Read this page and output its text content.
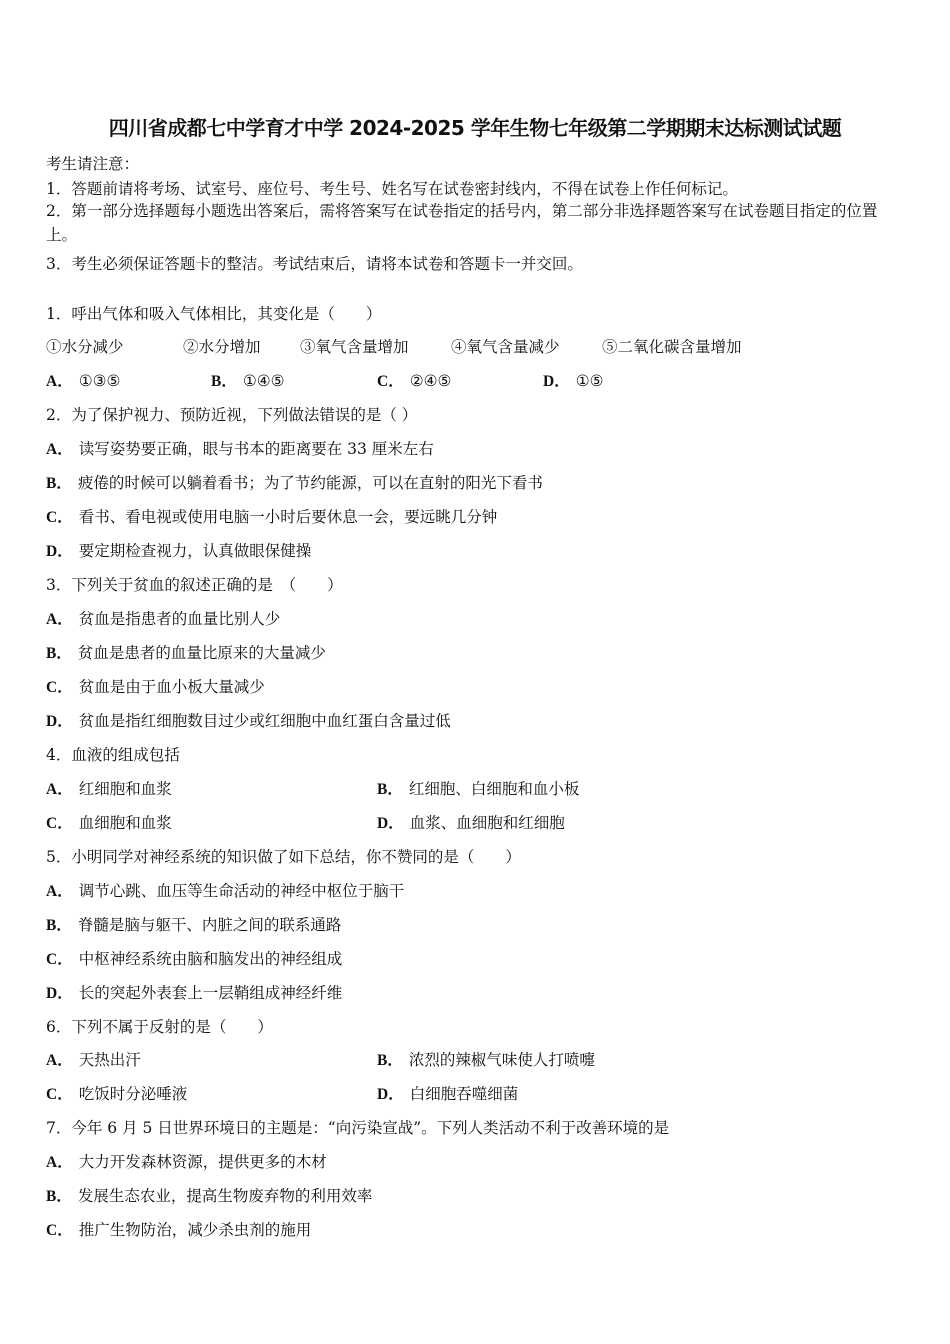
四川省成都七中学育才中学 2024-2025 学年生物七年级第二学期期末达标测试试题
考生请注意：
1．答题前请将考场、试室号、座位号、考生号、姓名写在试卷密封线内，不得在试卷上作任何标记。
2．第一部分选择题每小题选出答案后，需将答案写在试卷指定的括号内，第二部分非选择题答案写在试卷题目指定的位置上。
3．考生必须保证答题卡的整洁。考试结束后，请将本试卷和答题卡一并交回。
1．呼出气体和吸入气体相比，其变化是（　　）
①水分减少	②水分增加	③氧气含量增加	④氧气含量减少	⑤二氧化碳含量增加
A． ①③⑤	B． ①④⑤	C． ②④⑤	D． ①⑤
2．为了保护视力、预防近视，下列做法错误的是（ ）
A． 读写姿势要正确，眼与书本的距离要在 33 厘米左右
B． 疲倦的时候可以躺着看书；为了节约能源，可以在直射的阳光下看书
C． 看书、看电视或使用电脑一小时后要休息一会，要远眺几分钟
D． 要定期检查视力，认真做眼保健操
3．下列关于贫血的叙述正确的是　（　　）
A． 贫血是指患者的血量比别人少
B． 贫血是患者的血量比原来的大量减少
C． 贫血是由于血小板大量减少
D． 贫血是指红细胞数目过少或红细胞中血红蛋白含量过低
4．血液的组成包括
A． 红细胞和血浆	B． 红细胞、白细胞和血小板
C． 血细胞和血浆	D． 血浆、血细胞和红细胞
5．小明同学对神经系统的知识做了如下总结，你不赞同的是（　　）
A． 调节心跳、血压等生命活动的神经中枢位于脑干
B． 脊髓是脑与躯干、内脏之间的联系通路
C． 中枢神经系统由脑和脑发出的神经组成
D． 长的突起外表套上一层鞘组成神经纤维
6．下列不属于反射的是（　　）
A． 天热出汗	B． 浓烈的辣椒气味使人打喷嚏
C． 吃饭时分泌唾液	D． 白细胞吞噬细菌
7．今年 6 月 5 日世界环境日的主题是：“向污染宣战”。下列人类活动不利于改善环境的是
A． 大力开发森林资源，提供更多的木材
B． 发展生态农业，提高生物废弃物的利用效率
C． 推广生物防治，减少杀虫剂的施用
